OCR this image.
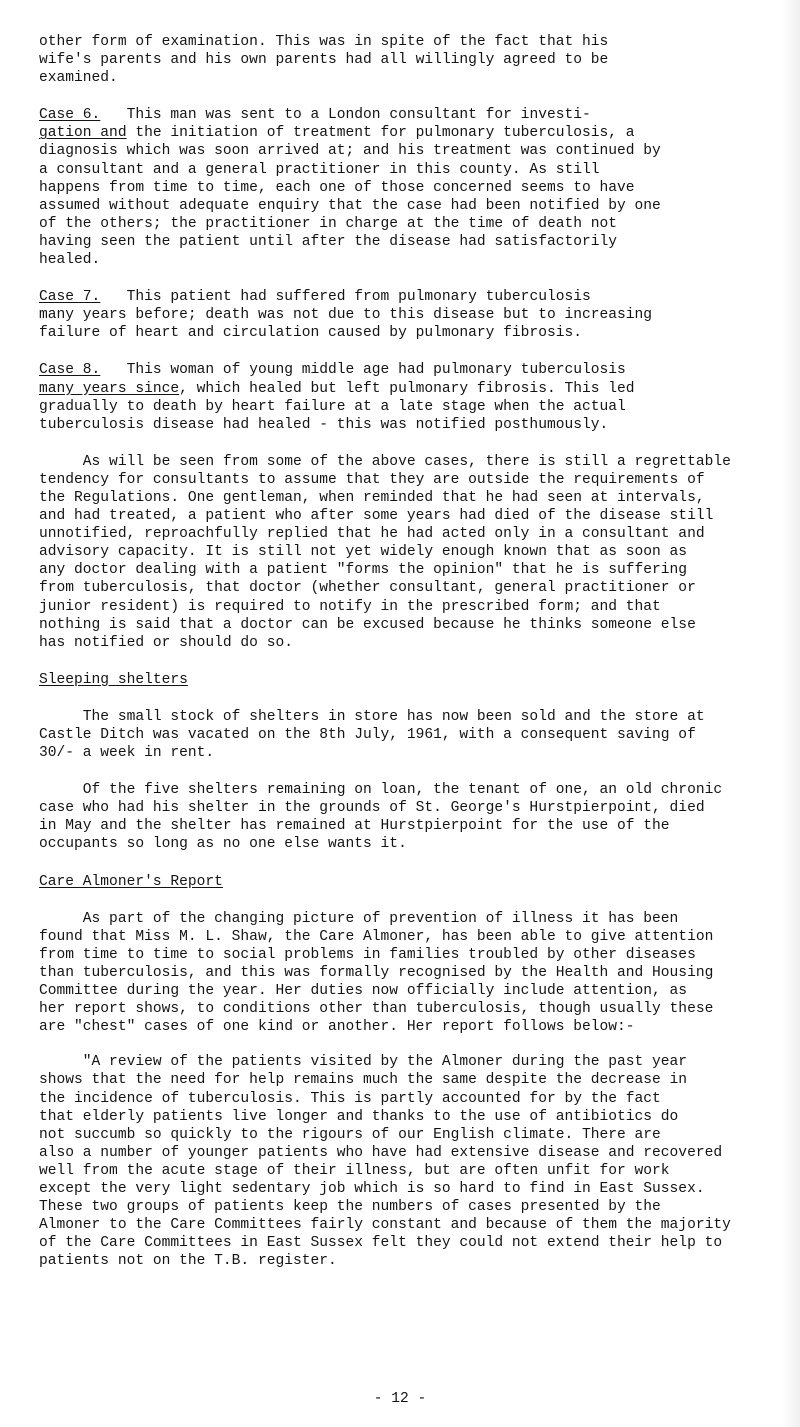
other form of examination. This was in spite of the fact that his
wife's parents and his own parents had all willingly agreed to be
examined.
Case 6.   This man was sent to a London consultant for investi-
gation and the initiation of treatment for pulmonary tuberculosis, a
diagnosis which was soon arrived at; and his treatment was continued by
a consultant and a general practitioner in this county. As still
happens from time to time, each one of those concerned seems to have
assumed without adequate enquiry that the case had been notified by one
of the others; the practitioner in charge at the time of death not
having seen the patient until after the disease had satisfactorily
healed.
Case 7.   This patient had suffered from pulmonary tuberculosis
many years before; death was not due to this disease but to increasing
failure of heart and circulation caused by pulmonary fibrosis.
Case 8.   This woman of young middle age had pulmonary tuberculosis
many years since, which healed but left pulmonary fibrosis. This led
gradually to death by heart failure at a late stage when the actual
tuberculosis disease had healed - this was notified posthumously.
As will be seen from some of the above cases, there is still a regrettable
tendency for consultants to assume that they are outside the requirements of
the Regulations. One gentleman, when reminded that he had seen at intervals,
and had treated, a patient who after some years had died of the disease still
unnotified, reproachfully replied that he had acted only in a consultant and
advisory capacity. It is still not yet widely enough known that as soon as
any doctor dealing with a patient "forms the opinion" that he is suffering
from tuberculosis, that doctor (whether consultant, general practitioner or
junior resident) is required to notify in the prescribed form; and that
nothing is said that a doctor can be excused because he thinks someone else
has notified or should do so.

Sleeping shelters

The small stock of shelters in store has now been sold and the store at
Castle Ditch was vacated on the 8th July, 1961, with a consequent saving of
30/- a week in rent.
Of the five shelters remaining on loan, the tenant of one, an old chronic
case who had his shelter in the grounds of St. George's Hurstpierpoint, died
in May and the shelter has remained at Hurstpierpoint for the use of the
occupants so long as no one else wants it.

Care Almoner's Report

As part of the changing picture of prevention of illness it has been
found that Miss M. L. Shaw, the Care Almoner, has been able to give attention
from time to time to social problems in families troubled by other diseases
than tuberculosis, and this was formally recognised by the Health and Housing
Committee during the year. Her duties now officially include attention, as
her report shows, to conditions other than tuberculosis, though usually these
are "chest" cases of one kind or another. Her report follows below:-
"A review of the patients visited by the Almoner during the past year
shows that the need for help remains much the same despite the decrease in
the incidence of tuberculosis. This is partly accounted for by the fact
that elderly patients live longer and thanks to the use of antibiotics do
not succumb so quickly to the rigours of our English climate. There are
also a number of younger patients who have had extensive disease and recovered
well from the acute stage of their illness, but are often unfit for work
except the very light sedentary job which is so hard to find in East Sussex.
These two groups of patients keep the numbers of cases presented by the
Almoner to the Care Committees fairly constant and because of them the majority
of the Care Committees in East Sussex felt they could not extend their help to
patients not on the T.B. register.
- 12 -
